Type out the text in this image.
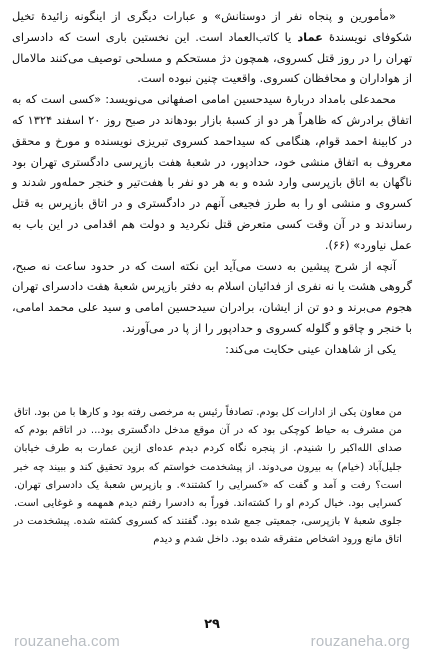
«مأمورین و پنجاه نفر از دوستانش» و عبارات دیگری از اینگونه زائیدهٔ تخیل شکوفای نویسندهٔ عماد یا کاتب‌العماد است. این نخستین باری است که دادسرای تهران را در روز قتل کسروی، همچون دژ مستحکم و مسلحی توصیف می‌کنند مالامال از هواداران و محافظان کسروی. واقعیت چنین نبوده است.

محمدعلی بامداد دربارهٔ سیدحسین امامی اصفهانی می‌نویسد: «کسی است که به اتفاق برادرش که ظاهراً هر دو از کسبهٔ بازار بودهاند در صبح روز ۲۰ اسفند ۱۳۲۴ که در کابینهٔ احمد قوام، هنگامی که سیداحمد کسروی تبریزی نویسنده و مورخ و محقق معروف به اتفاق منشی خود، حدادپور، در شعبهٔ هفت بازپرسی دادگستری تهران بود ناگهان به اتاق بازپرسی وارد شده و به هر دو نفر با هفت‌تیر و خنجر حمله‌ور شدند و کسروی و منشی او را به طرز فجیعی آنهم در دادگستری و در اتاق بازپرس به قتل رساندند و در آن وقت کسی متعرض قتل نکردید و دولت هم اقدامی در این باب به عمل نیاورد» (۶۶).

آنچه از شرح پیشین به دست می‌آید این نکته است که در حدود ساعت نه صبح، گروهی هشت یا نه نفری از فدائیان اسلام به دفتر بازپرس شعبهٔ هفت دادسرای تهران هجوم می‌برند و دو تن از ایشان، برادران سیدحسین امامی و سید علی محمد امامی، با خنجر و چاقو و گلوله کسروی و حدادپور را از پا در می‌آورند.

یکی از شاهدان عینی حکایت می‌کند:

من معاون یکی از ادارات کل بودم. تصادفاً رئیس به مرخصی رفته بود و کارها با من بود. اتاق من مشرف به حیاط کوچکی بود که در آن موقع مدخل دادگستری بود... در اتاقم بودم که صدای الله‌اکبر را شنیدم. از پنجره نگاه کردم دیدم عده‌ای ازین عمارت به طرف خیابان جلیل‌آباد (خیام) به بیرون می‌دوند. از پیشخدمت خواستم که برود تحقیق کند و ببیند چه خبر است؟ رفت و آمد و گفت که «کسرایی را کشتند». و بازپرس شعبهٔ یک دادسرای تهران. کسرایی بود. خیال کردم او را کشته‌اند. فوراً به دادسرا رفتم دیدم همهمه و غوغایی است. جلوی شعبهٔ ۷ بازپرسی، جمعیتی جمع شده بود. گفتند که کسروی کشته شده. پیشخدمت در اتاق مانع ورود اشخاص متفرقه شده بود. داخل شدم و دیدم

۲۹
rouzaneha.com	rouzaneha.org
